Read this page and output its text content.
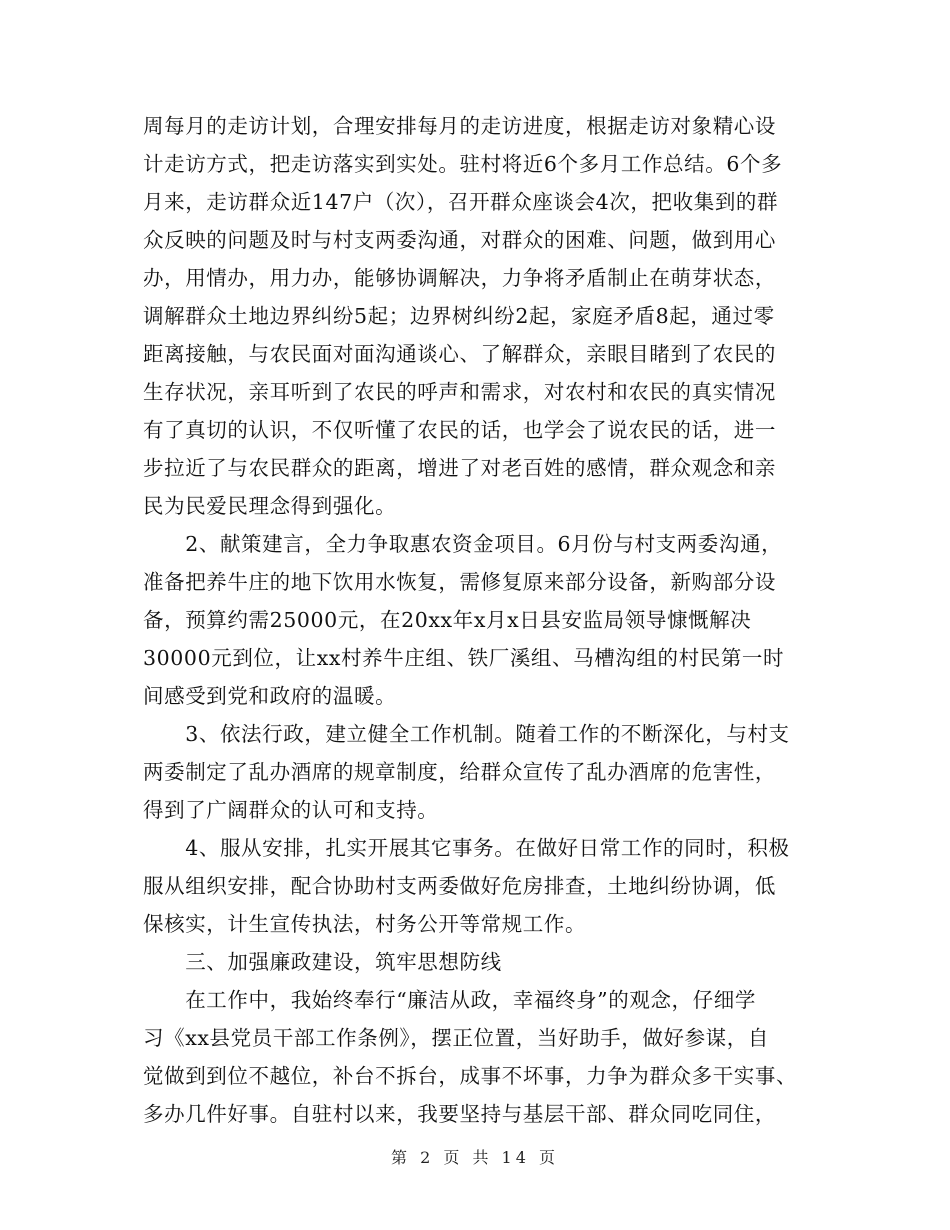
周每月的走访计划，合理安排每月的走访进度，根据走访对象精心设
计走访方式，把走访落实到实处。驻村将近6个多月工作总结。6个多
月来，走访群众近147户（次），召开群众座谈会4次，把收集到的群
众反映的问题及时与村支两委沟通，对群众的困难、问题，做到用心
办，用情办，用力办，能够协调解决，力争将矛盾制止在萌芽状态，
调解群众土地边界纠纷5起；边界树纠纷2起，家庭矛盾8起，通过零
距离接触，与农民面对面沟通谈心、了解群众，亲眼目睹到了农民的
生存状况，亲耳听到了农民的呼声和需求，对农村和农民的真实情况
有了真切的认识，不仅听懂了农民的话，也学会了说农民的话，进一
步拉近了与农民群众的距离，增进了对老百姓的感情，群众观念和亲
民为民爱民理念得到强化。
　　2、献策建言，全力争取惠农资金项目。6月份与村支两委沟通，
准备把养牛庄的地下饮用水恢复，需修复原来部分设备，新购部分设
备，预算约需25000元，在20xx年x月x日县安监局领导慷慨解决
30000元到位，让xx村养牛庄组、铁厂溪组、马槽沟组的村民第一时
间感受到党和政府的温暖。
　　3、依法行政，建立健全工作机制。随着工作的不断深化，与村支
两委制定了乱办酒席的规章制度，给群众宣传了乱办酒席的危害性，
得到了广阔群众的认可和支持。
　　4、服从安排，扎实开展其它事务。在做好日常工作的同时，积极
服从组织安排，配合协助村支两委做好危房排查，土地纠纷协调，低
保核实，计生宣传执法，村务公开等常规工作。
　　三、加强廉政建设，筑牢思想防线
　　在工作中，我始终奉行“廉洁从政，幸福终身”的观念，仔细学
习《xx县党员干部工作条例》，摆正位置，当好助手，做好参谋，自
觉做到到位不越位，补台不拆台，成事不坏事，力争为群众多干实事、
多办几件好事。自驻村以来，我要坚持与基层干部、群众同吃同住，
第 2 页 共 14 页
